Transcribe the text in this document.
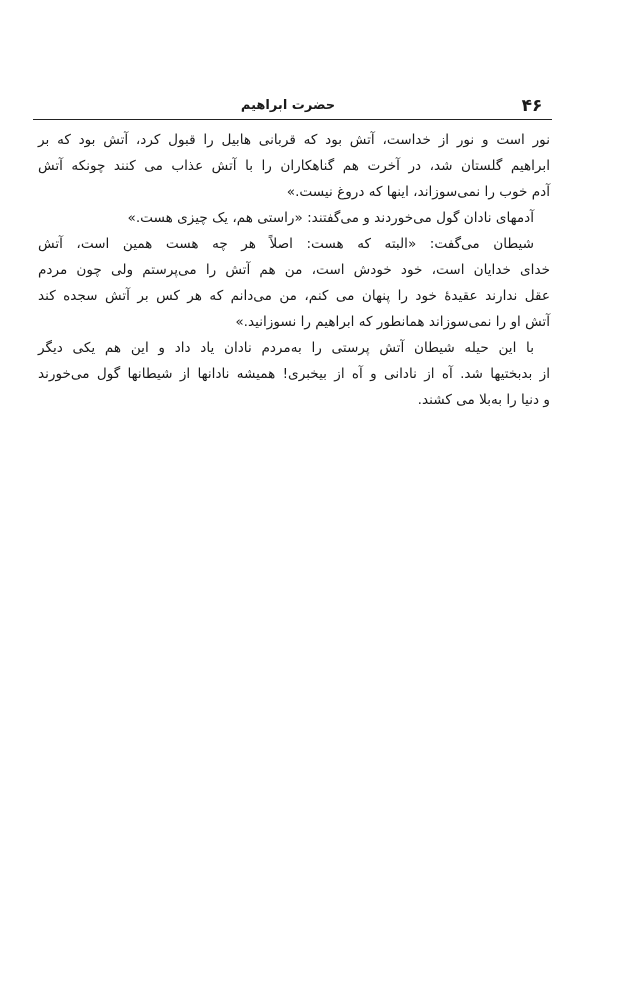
۴۶
حضرت ابراهیم
نور است و نور از خداست، آتش بود که قربانی هابیل را قبول کرد، آتش بود که بر
ابراهیم گلستان شد، در آخرت هم گناهکاران را با آتش عذاب می کنند چونکه آتش
آدم خوب را نمی‌سوزاند، اینها که دروغ نیست.»
آدمهای نادان گول می‌خوردند و می‌گفتند: «راستی هم، یک چیزی هست.»
شیطان می‌گفت: «البته که هست: اصلاً هر چه هست همین است، آتش
خدای خدایان است، خود خودش است، من هم آتش را می‌پرستم ولی چون مردم
عقل ندارند عقیدهٔ خود را پنهان می کنم، من می‌دانم که هر کس بر آتش سجده کند
آتش او را نمی‌سوزاند همانطور که ابراهیم را نسوزانید.»
با این حیله شیطان آتش پرستی را به‌مردم نادان یاد داد و این هم یکی دیگر
از بدبختیها شد. آه از نادانی و آه از بیخبری! همیشه نادانها از شیطانها گول می‌خورند
و دنیا را به‌بلا می کشند.
